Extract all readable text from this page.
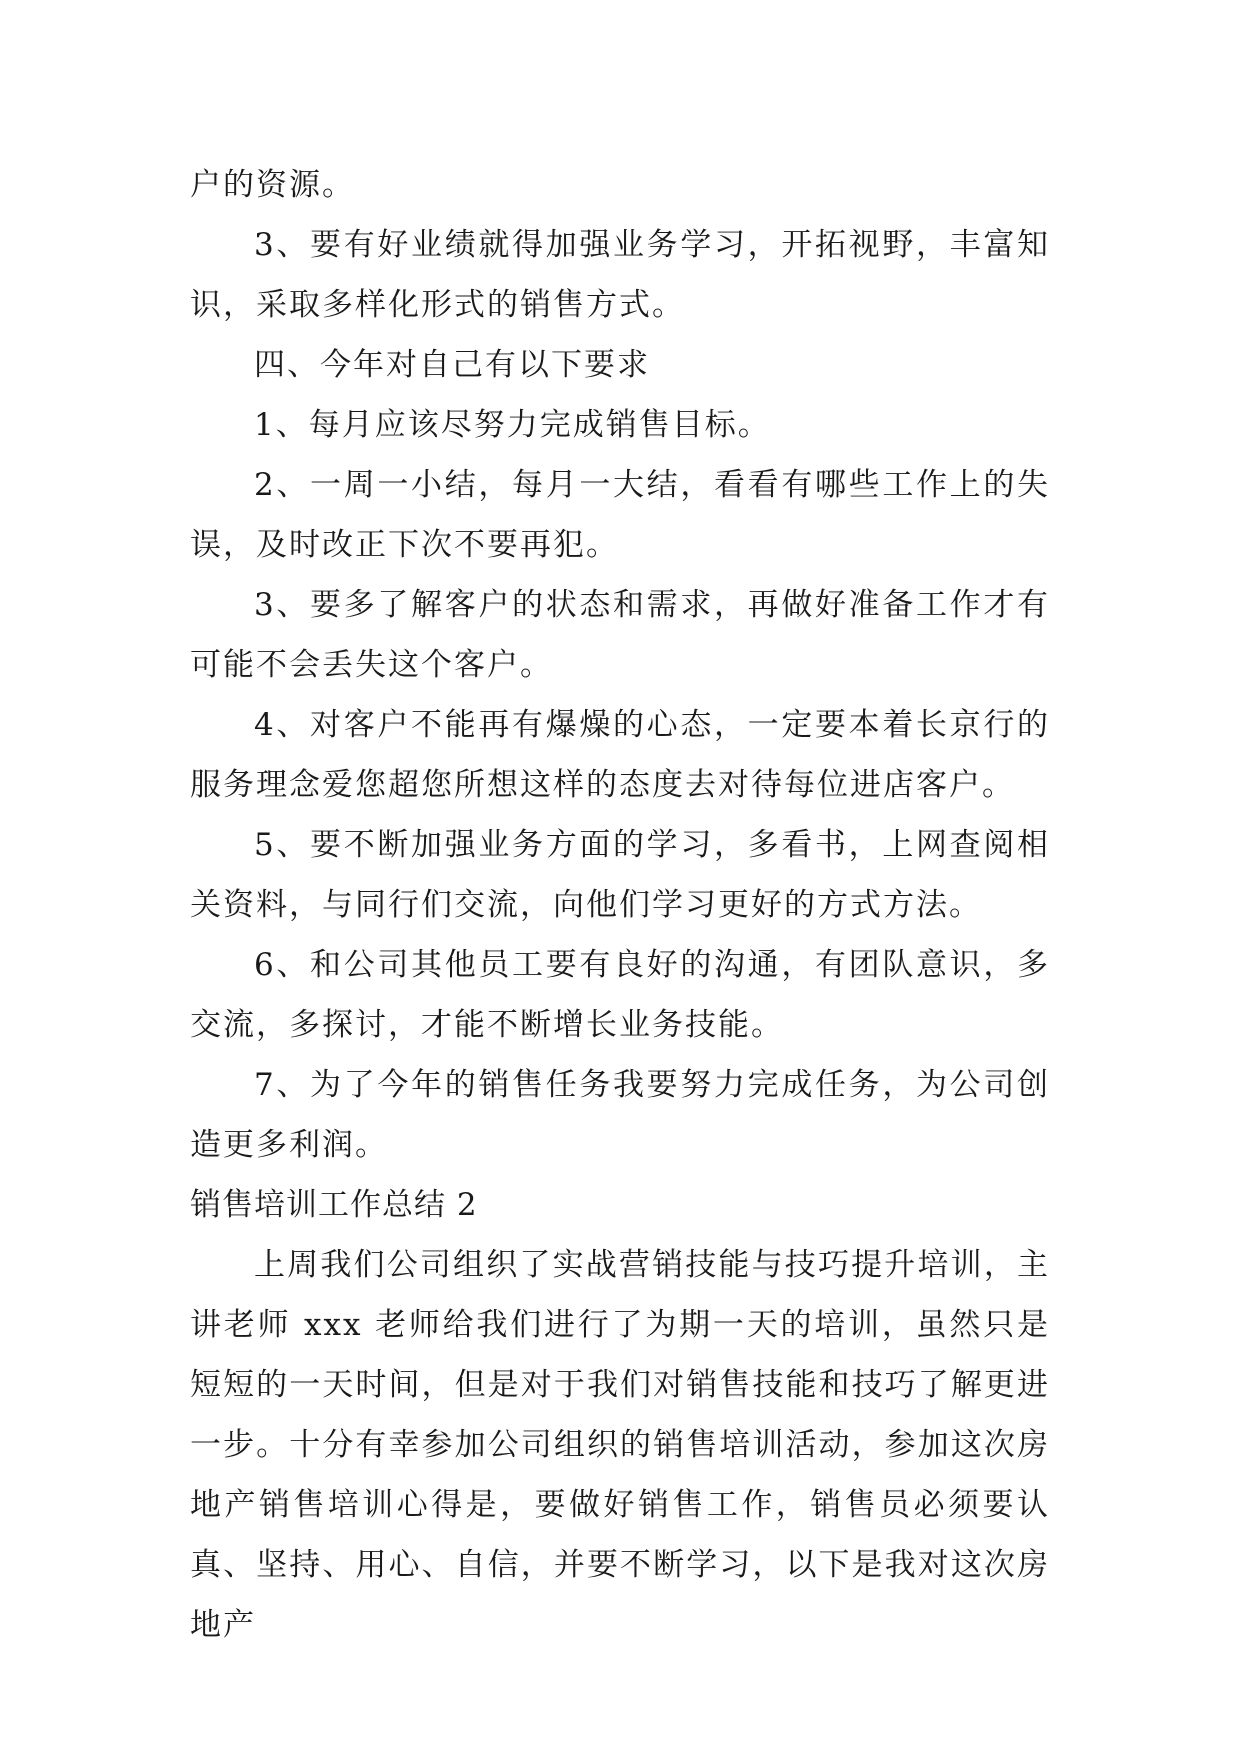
户的资源。

3、要有好业绩就得加强业务学习，开拓视野，丰富知识，采取多样化形式的销售方式。

四、今年对自己有以下要求

1、每月应该尽努力完成销售目标。

2、一周一小结，每月一大结，看看有哪些工作上的失误，及时改正下次不要再犯。

3、要多了解客户的状态和需求，再做好准备工作才有可能不会丢失这个客户。

4、对客户不能再有爆燥的心态，一定要本着长京行的服务理念爱您超您所想这样的态度去对待每位进店客户。

5、要不断加强业务方面的学习，多看书，上网查阅相关资料，与同行们交流，向他们学习更好的方式方法。

6、和公司其他员工要有良好的沟通，有团队意识，多交流，多探讨，才能不断增长业务技能。

7、为了今年的销售任务我要努力完成任务，为公司创造更多利润。

销售培训工作总结 2

上周我们公司组织了实战营销技能与技巧提升培训，主讲老师 xxx 老师给我们进行了为期一天的培训，虽然只是短短的一天时间，但是对于我们对销售技能和技巧了解更进一步。十分有幸参加公司组织的销售培训活动，参加这次房地产销售培训心得是，要做好销售工作，销售员必须要认真、坚持、用心、自信，并要不断学习，以下是我对这次房地产
